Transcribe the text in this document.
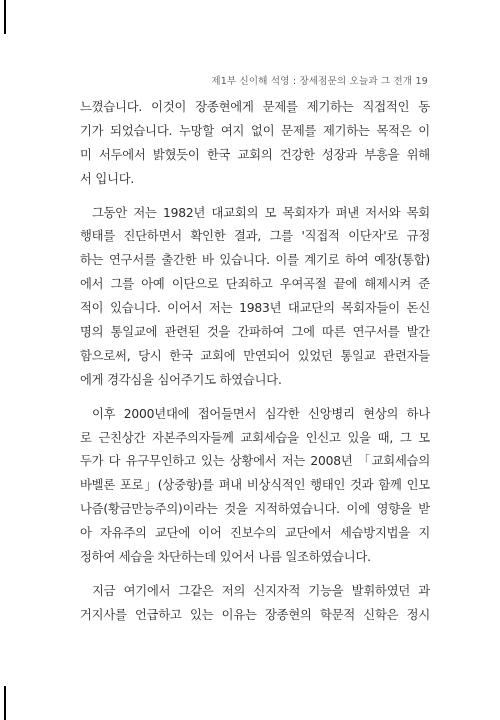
제1부 신이해 석영 : 장세점문의 오늘과 그 전개 19
느꼈습니다. 이것이 장종현에게 문제를 제기하는 직접적인 동
기가 되었습니다. 누망할 여지 없이 문제를 제기하는 목적은 이
미 서두에서 밝혔듯이 한국 교회의 건강한 성장과 부흥을 위해
서 입니다.
그동안 저는 1982년 대교회의 모 목회자가 펴낸 저서와 목회
행태를 진단하면서 확인한 결과, 그를 '직접적 이단자'로 규정
하는 연구서를 출간한 바 있습니다. 이를 계기로 하여 예장(통합)
에서 그를 아예 이단으로 단죄하고 우여곡절 끝에 해제시켜 준
적이 있습니다. 이어서 저는 1983년 대교단의 목회자들이 돈신
명의 통일교에 관련된 것을 간파하여 그에 따른 연구서를 발간
함으로써, 당시 한국 교회에 만연되어 있었던 통일교 관련자들
에게 경각심을 심어주기도 하였습니다.
이후 2000년대에 접어들면서 심각한 신앙병리 현상의 하나
로 근친상간 자본주의자들께 교회세습을 인신고 있을 때, 그 모
두가 다 유구무인하고 있는 상황에서 저는 2008년 「교회세습의
바벨론 포로」(상중항)를 펴내 비상식적인 행태인 것과 함께 인모
나즘(황금만능주의)이라는 것을 지적하였습니다. 이에 영향을 받
아 자유주의 교단에 이어 진보수의 교단에서 세습방지법을 지
정하여 세습을 차단하는데 있어서 나름 일조하였습니다.
지금 여기에서 그같은 저의 신지자적 기능을 발휘하였던 과
거지사를 언급하고 있는 이유는 장종현의 학문적 신학은 정시
